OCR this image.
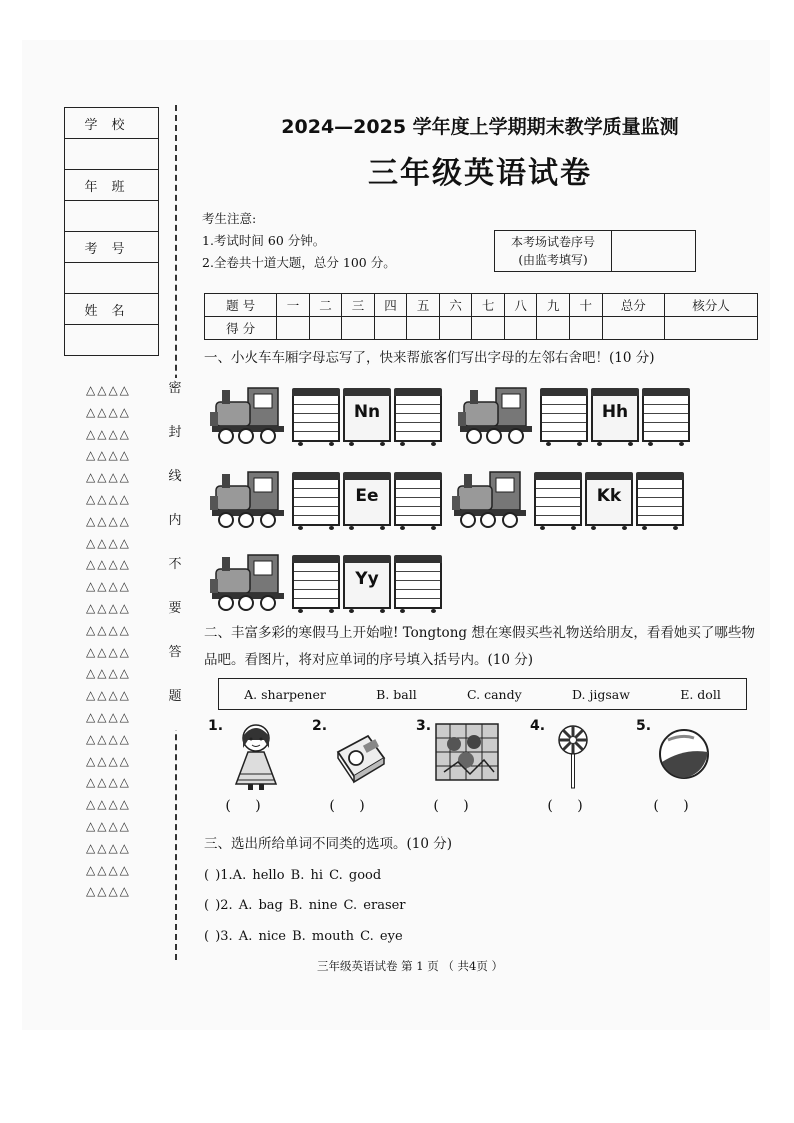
学校

年班

考号

姓名

△△△△
△△△△
△△△△
△△△△
△△△△
△△△△
△△△△
△△△△
△△△△
△△△△
△△△△
△△△△
△△△△
△△△△
△△△△
△△△△
△△△△
△△△△
△△△△
△△△△
△△△△
△△△△
△△△△
△△△△
密
封
线
内
不
要
答
题
2024—2025 学年度上学期期末教学质量监测
三年级英语试卷
考生注意:
1.考试时间 60 分钟。
2.全卷共十道大题，总分 100 分。
本考场试卷序号
(由监考填写)
题 号	一	二	三	四	五	六	七	八	九	十	总分	核分人
得 分												
一、小火车车厢字母忘写了，快来帮旅客们写出字母的左邻右舍吧！(10 分)
Nn	Hh
Ee	Kk
Yy
二、丰富多彩的寒假马上开始啦! Tongtong 想在寒假买些礼物送给朋友，看看她买了哪些物品吧。看图片，将对应单词的序号填入括号内。(10 分)
A. sharpener	B. ball	C. candy	D. jigsaw	E. doll
1.
( )
2.
( )
3.
( )
4.
( )
5.
( )
三、选出所给单词不同类的选项。(10 分)
( )1.A. hello B. hi C. good
( )2. A. bag B. nine C. eraser
( )3. A. nice B. mouth C. eye
三年级英语试卷 第 1 页 （ 共4页 ）
